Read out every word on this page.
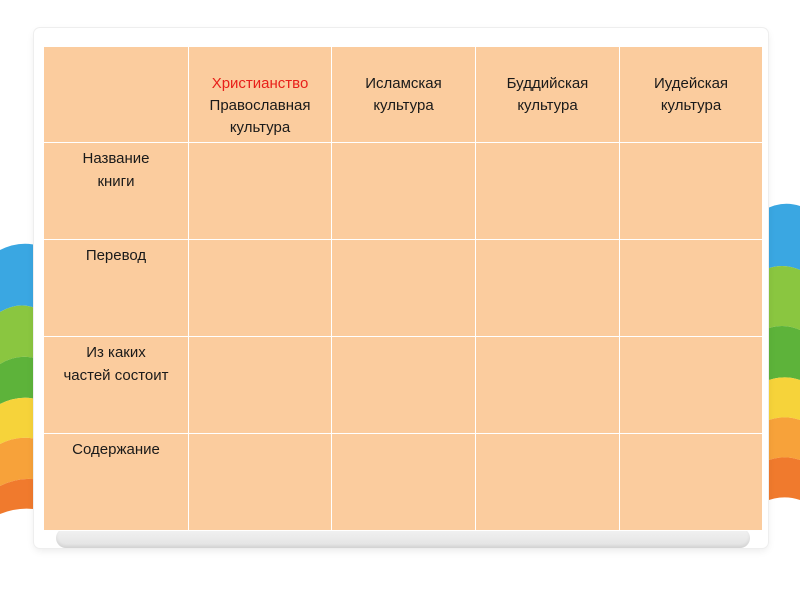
	Христианство
Православная
культура	Исламская
культура	Буддийская
культура	Иудейская
культура

Название
книги				

Перевод				

Из каких
частей состоит				

Содержание				
